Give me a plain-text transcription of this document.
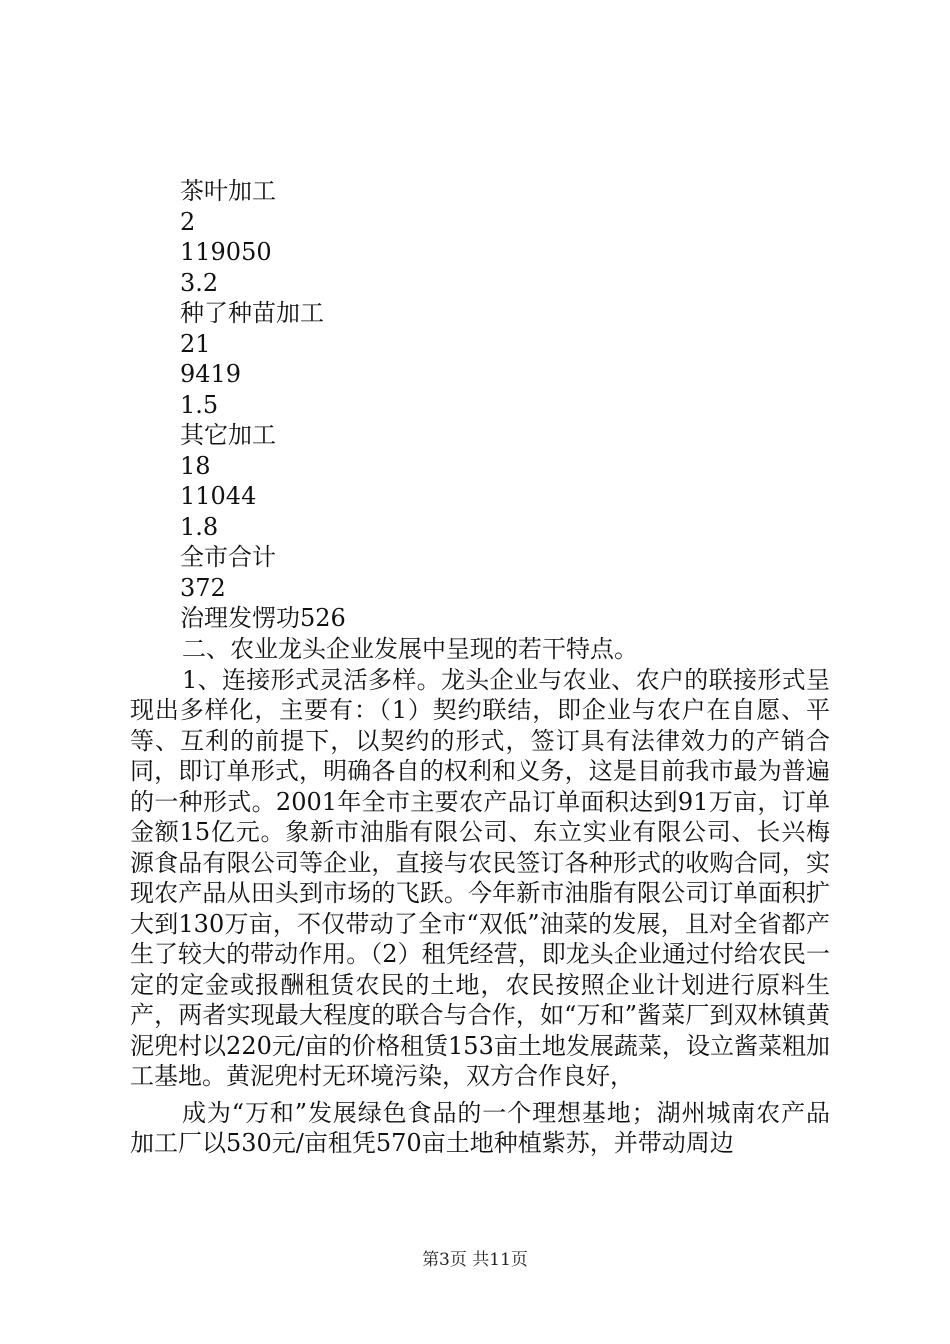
茶叶加工
2
119050
3.2
种了种苗加工
21
9419
1.5
其它加工
18
11044
1.8
全市合计
372
治理发愣功526

二、农业龙头企业发展中呈现的若干特点。

1、连接形式灵活多样。龙头企业与农业、农户的联接形式呈现出多样化，主要有：（1）契约联结，即企业与农户在自愿、平等、互利的前提下，以契约的形式，签订具有法律效力的产销合同，即订单形式，明确各自的权利和义务，这是目前我市最为普遍的一种形式。2001年全市主要农产品订单面积达到91万亩，订单金额15亿元。象新市油脂有限公司、东立实业有限公司、长兴梅源食品有限公司等企业，直接与农民签订各种形式的收购合同，实现农产品从田头到市场的飞跃。今年新市油脂有限公司订单面积扩大到130万亩，不仅带动了全市“双低”油菜的发展，且对全省都产生了较大的带动作用。（2）租凭经营，即龙头企业通过付给农民一定的定金或报酬租赁农民的土地，农民按照企业计划进行原料生产，两者实现最大程度的联合与合作，如“万和”酱菜厂到双林镇黄泥兜村以220元/亩的价格租赁153亩土地发展蔬菜，设立酱菜粗加工基地。黄泥兜村无环境污染，双方合作良好，

成为“万和”发展绿色食品的一个理想基地；湖州城南农产品加工厂以530元/亩租凭570亩土地种植紫苏，并带动周边

第3页 共11页
